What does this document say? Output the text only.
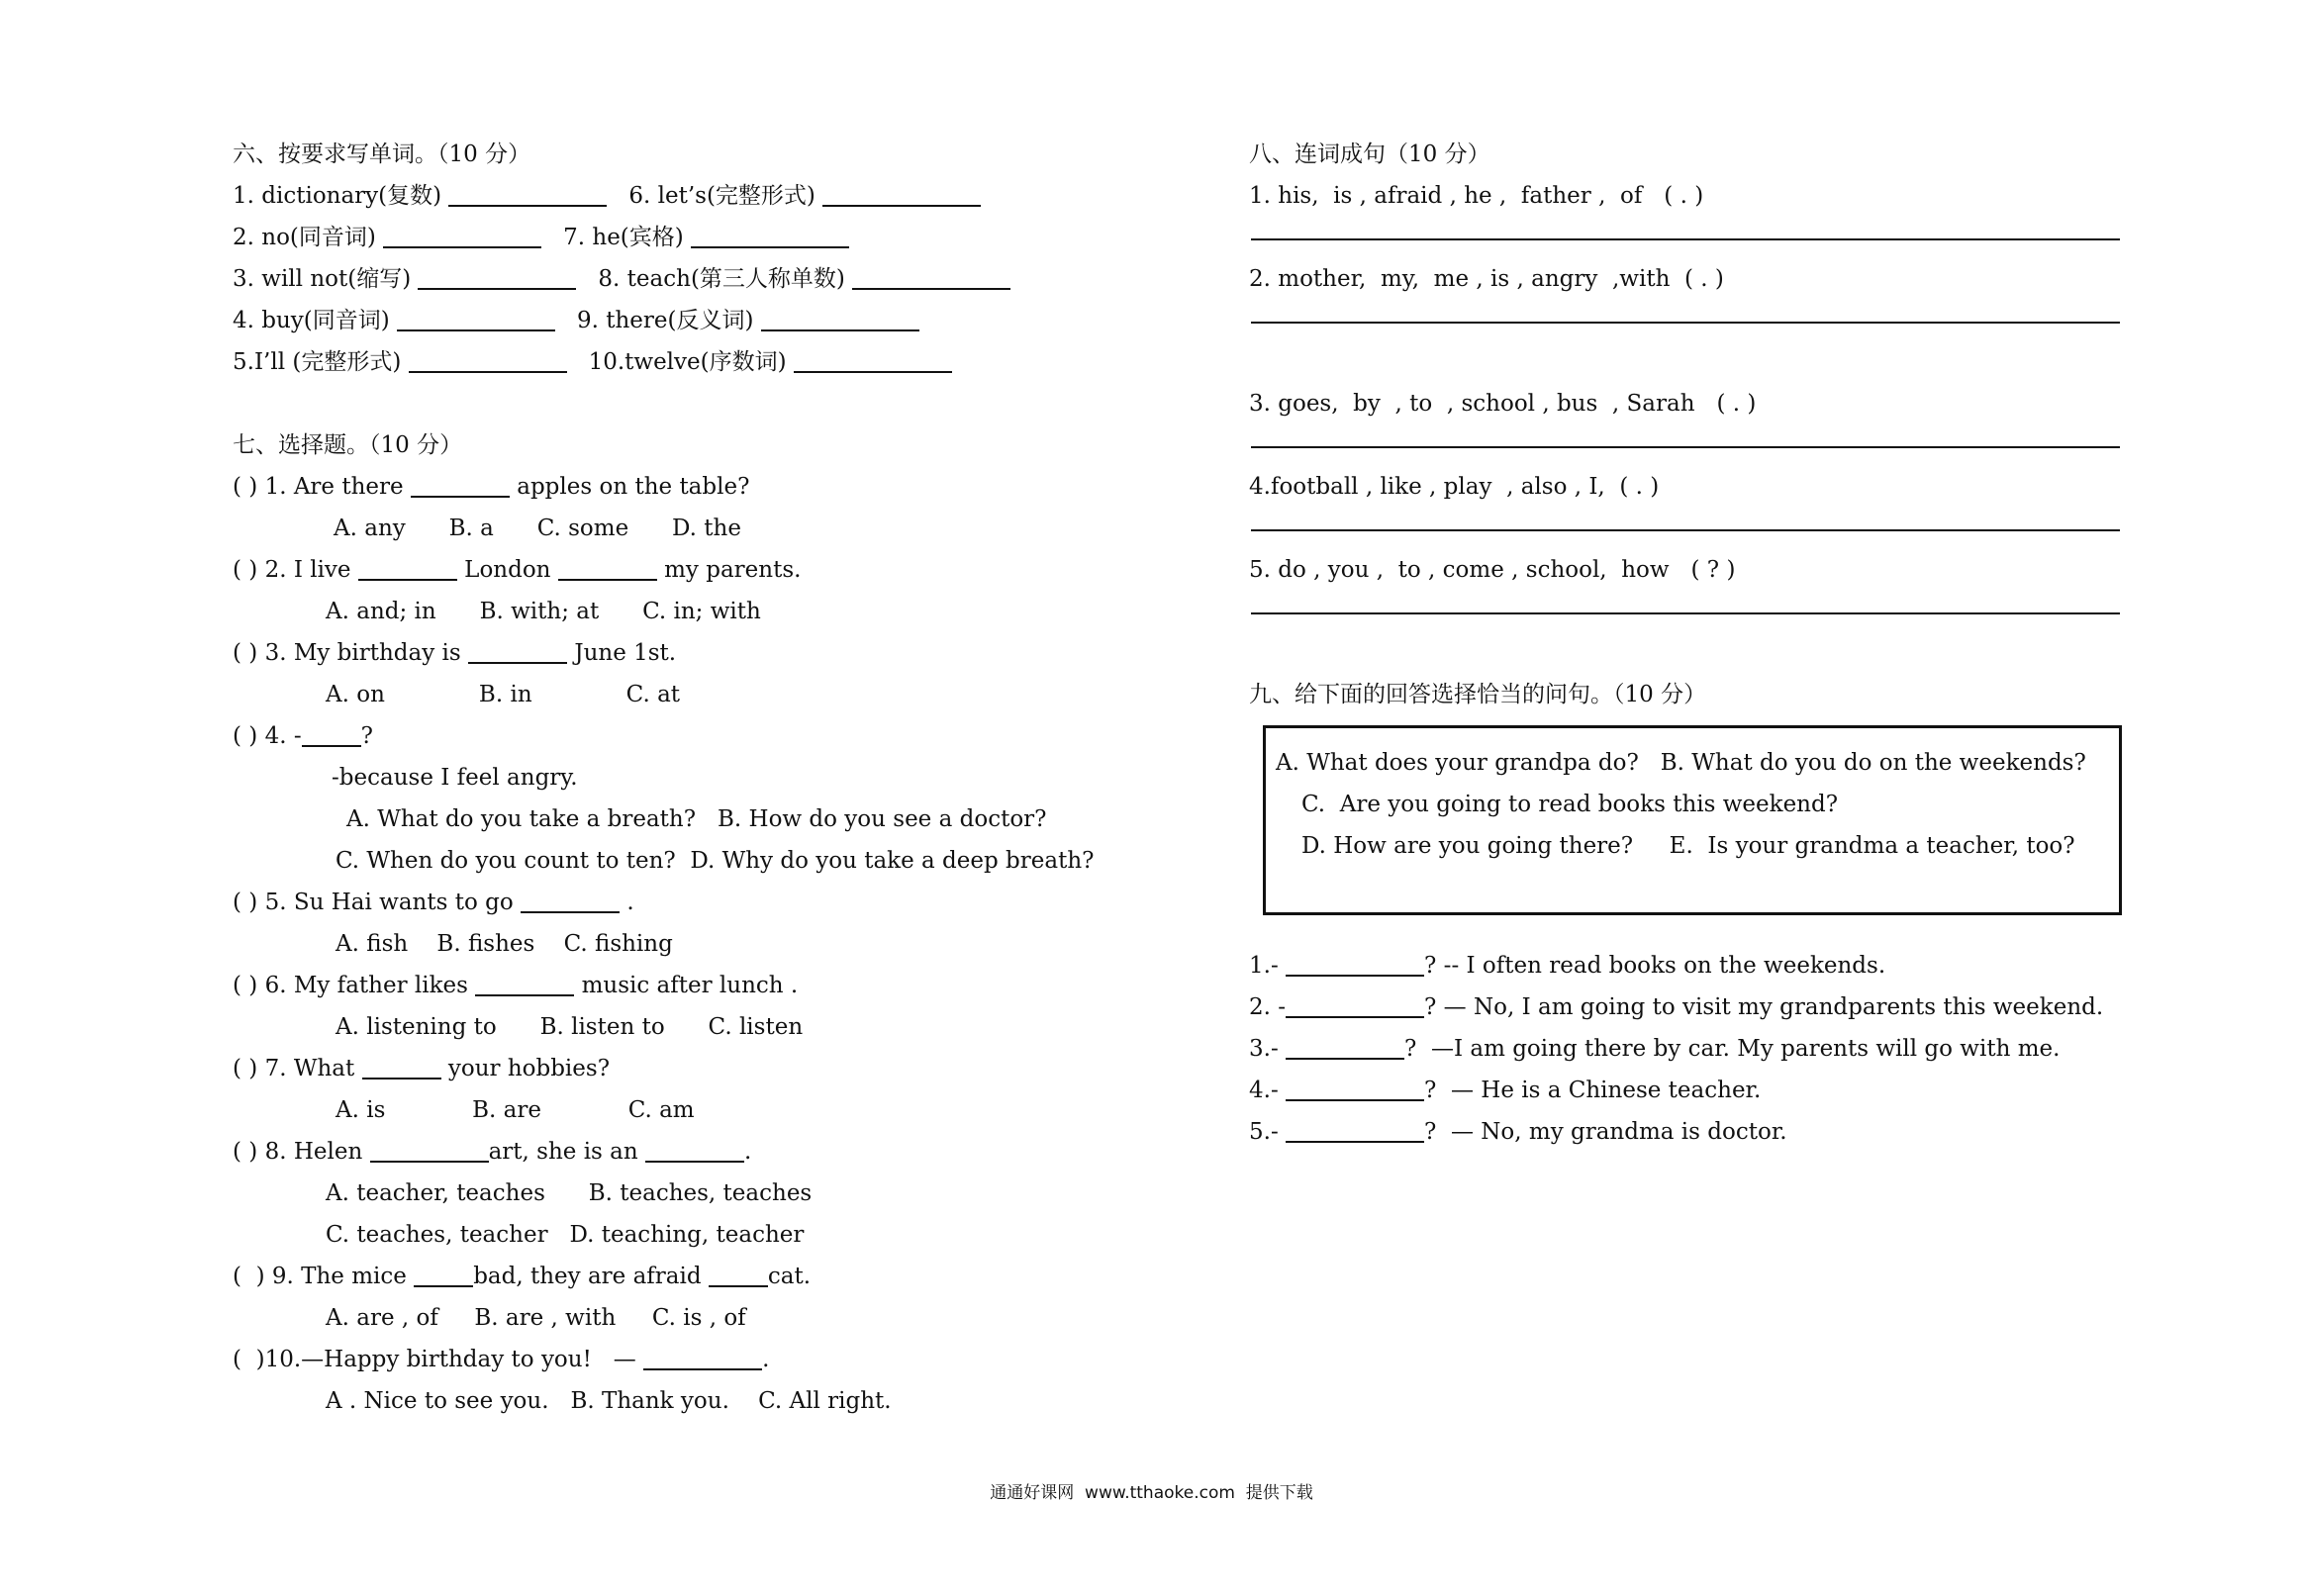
六、按要求写单词。（10 分）
1. dictionary(复数)	6. let’s(完整形式)
2. no(同音词)	7. he(宾格)
3. will not(缩写)	8. teach(第三人称单数)
4. buy(同音词)	9. there(反义词)
5.I’ll (完整形式)	10.twelve(序数词)
七、选择题。（10 分）
( ) 1. Are there	apples on the table?
A. any      B. a      C. some      D. the
( ) 2. I live	London	my parents.
A. and; in      B. with; at      C. in; with
( ) 3. My birthday is	June 1st.
A. on             B. in             C. at
( ) 4. -	?
-because I feel angry.
A. What do you take a breath?   B. How do you see a doctor?
C. When do you count to ten?  D. Why do you take a deep breath?
( ) 5. Su Hai wants to go	.
A. fish    B. fishes    C. fishing
( ) 6. My father likes	music after lunch .
A. listening to      B. listen to      C. listen
( ) 7. What	your hobbies?
A. is            B. are            C. am
( ) 8. Helen	art, she is an	.
A. teacher, teaches      B. teaches, teaches
C. teaches, teacher   D. teaching, teacher
(  ) 9. The mice	bad, they are afraid	cat.
A. are , of     B. are , with     C. is , of
(  )10.—Happy birthday to you!   —	.
A . Nice to see you.   B. Thank you.    C. All right.
八、连词成句（10 分）
1. his,  is , afraid , he ,  father ,  of   ( . )
2. mother,  my,  me , is , angry  ,with  ( . )
3. goes,  by  , to  , school , bus  , Sarah   ( . )
4.football , like , play  , also , I,  ( . )
5. do , you ,  to , come , school,  how   ( ? )
九、给下面的回答选择恰当的问句。（10 分）
A. What does your grandpa do?   B. What do you do on the weekends?
C.  Are you going to read books this weekend?
D. How are you going there?     E.  Is your grandma a teacher, too?
1.-	? -- I often read books on the weekends.
2. -	? — No, I am going to visit my grandparents this weekend.
3.-	?  —I am going there by car. My parents will go with me.
4.-	?  — He is a Chinese teacher.
5.-	?  — No, my grandma is doctor.
通通好课网  www.tthaoke.com  提供下载
